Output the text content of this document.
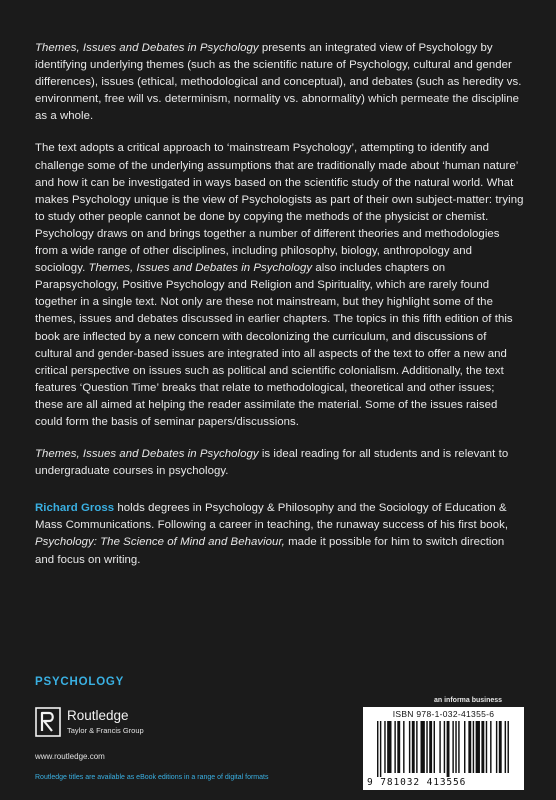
Themes, Issues and Debates in Psychology presents an integrated view of Psychology by identifying underlying themes (such as the scientific nature of Psychology, cultural and gender differences), issues (ethical, methodological and conceptual), and debates (such as heredity vs. environment, free will vs. determinism, normality vs. abnormality) which permeate the discipline as a whole.

The text adopts a critical approach to ‘mainstream Psychology’, attempting to identify and challenge some of the underlying assumptions that are traditionally made about ‘human nature’ and how it can be investigated in ways based on the scientific study of the natural world. What makes Psychology unique is the view of Psychologists as part of their own subject-matter: trying to study other people cannot be done by copying the methods of the physicist or chemist. Psychology draws on and brings together a number of different theories and methodologies from a wide range of other disciplines, including philosophy, biology, anthropology and sociology. Themes, Issues and Debates in Psychology also includes chapters on Parapsychology, Positive Psychology and Religion and Spirituality, which are rarely found together in a single text. Not only are these not mainstream, but they highlight some of the themes, issues and debates discussed in earlier chapters. The topics in this fifth edition of this book are inflected by a new concern with decolonizing the curriculum, and discussions of cultural and gender-based issues are integrated into all aspects of the text to offer a new and critical perspective on issues such as political and scientific colonialism. Additionally, the text features ‘Question Time’ breaks that relate to methodological, theoretical and other issues; these are all aimed at helping the reader assimilate the material. Some of the issues raised could form the basis of seminar papers/discussions.

Themes, Issues and Debates in Psychology is ideal reading for all students and is relevant to undergraduate courses in psychology.

Richard Gross holds degrees in Psychology & Philosophy and the Sociology of Education & Mass Communications. Following a career in teaching, the runaway success of his first book, Psychology: The Science of Mind and Behaviour, made it possible for him to switch direction and focus on writing.

PSYCHOLOGY
Routledge
Taylor & Francis Group
www.routledge.com
Routledge titles are available as eBook editions in a range of digital formats
an informa business
ISBN 978-1-032-41355-6
9 781032 413556
